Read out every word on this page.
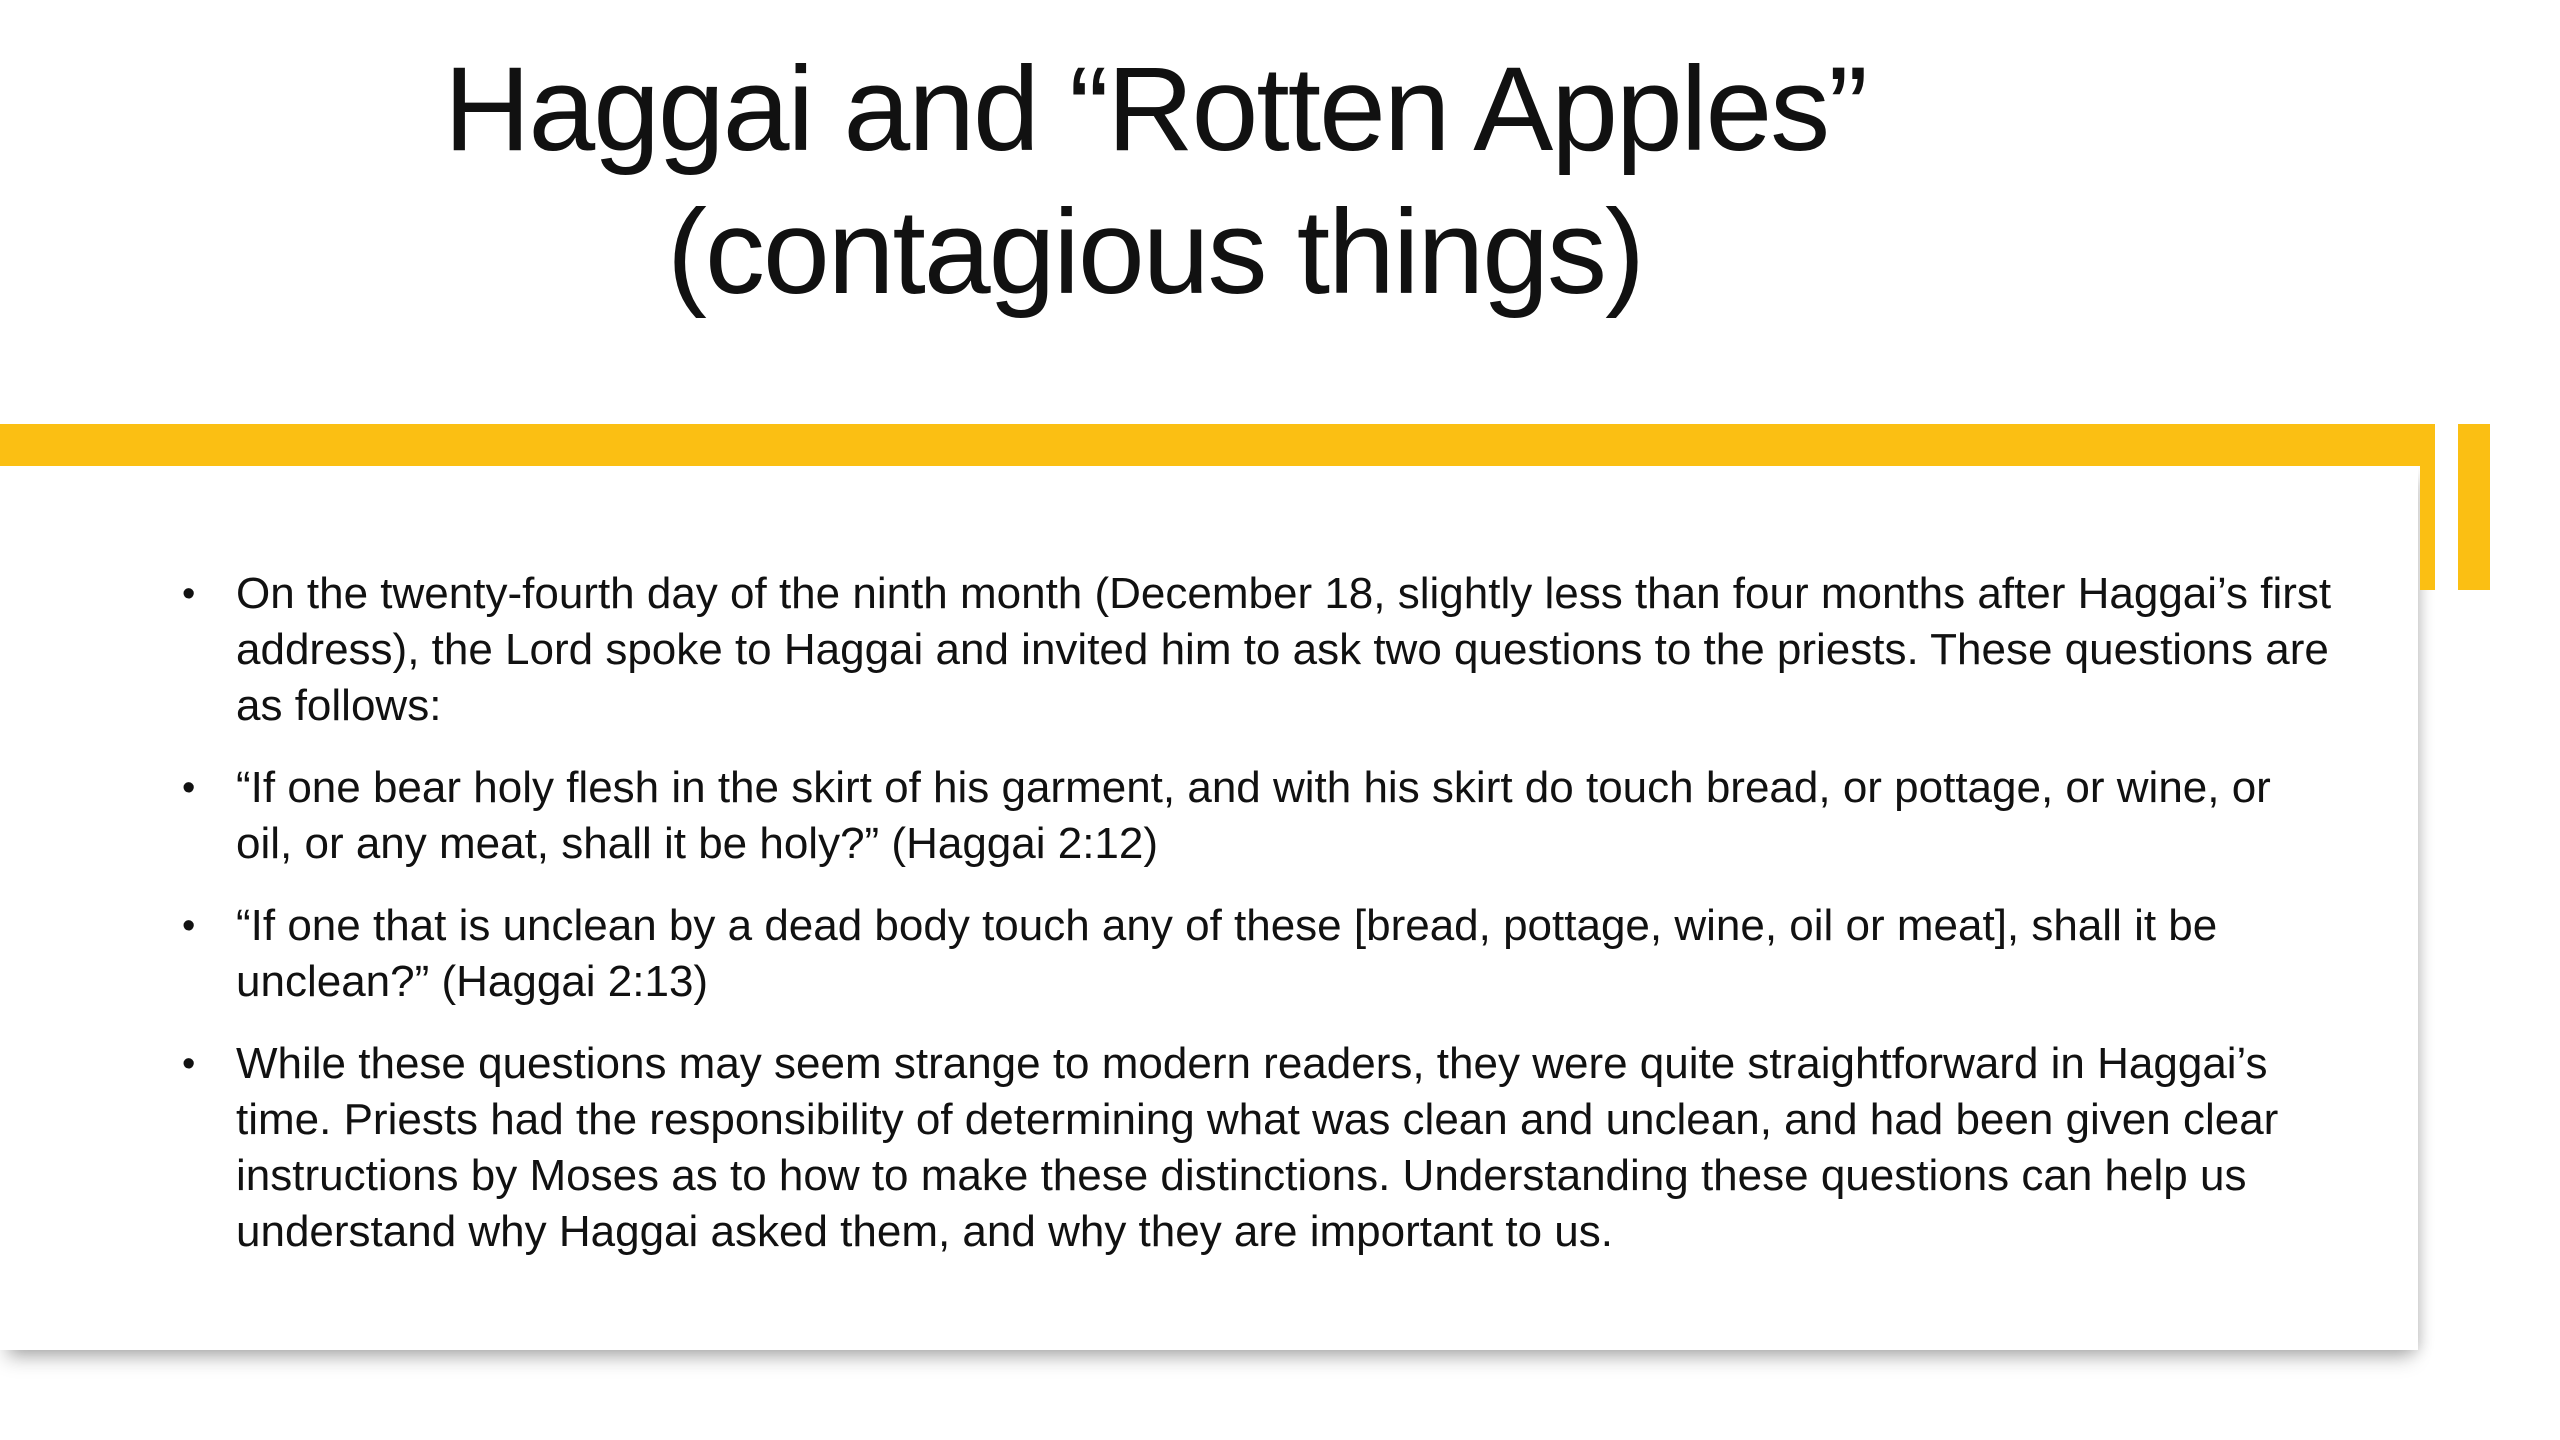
Haggai and “Rotten Apples”
(contagious things)
• On the twenty-fourth day of the ninth month (December 18, slightly less than four months after Haggai’s first address), the Lord spoke to Haggai and invited him to ask two questions to the priests. These questions are as follows:
• “If one bear holy flesh in the skirt of his garment, and with his skirt do touch bread, or pottage, or wine, or oil, or any meat, shall it be holy?” (Haggai 2:12)
• “If one that is unclean by a dead body touch any of these [bread, pottage, wine, oil or meat], shall it be unclean?” (Haggai 2:13)
• While these questions may seem strange to modern readers, they were quite straightforward in Haggai’s time. Priests had the responsibility of determining what was clean and unclean, and had been given clear instructions by Moses as to how to make these distinctions. Understanding these questions can help us understand why Haggai asked them, and why they are important to us.
